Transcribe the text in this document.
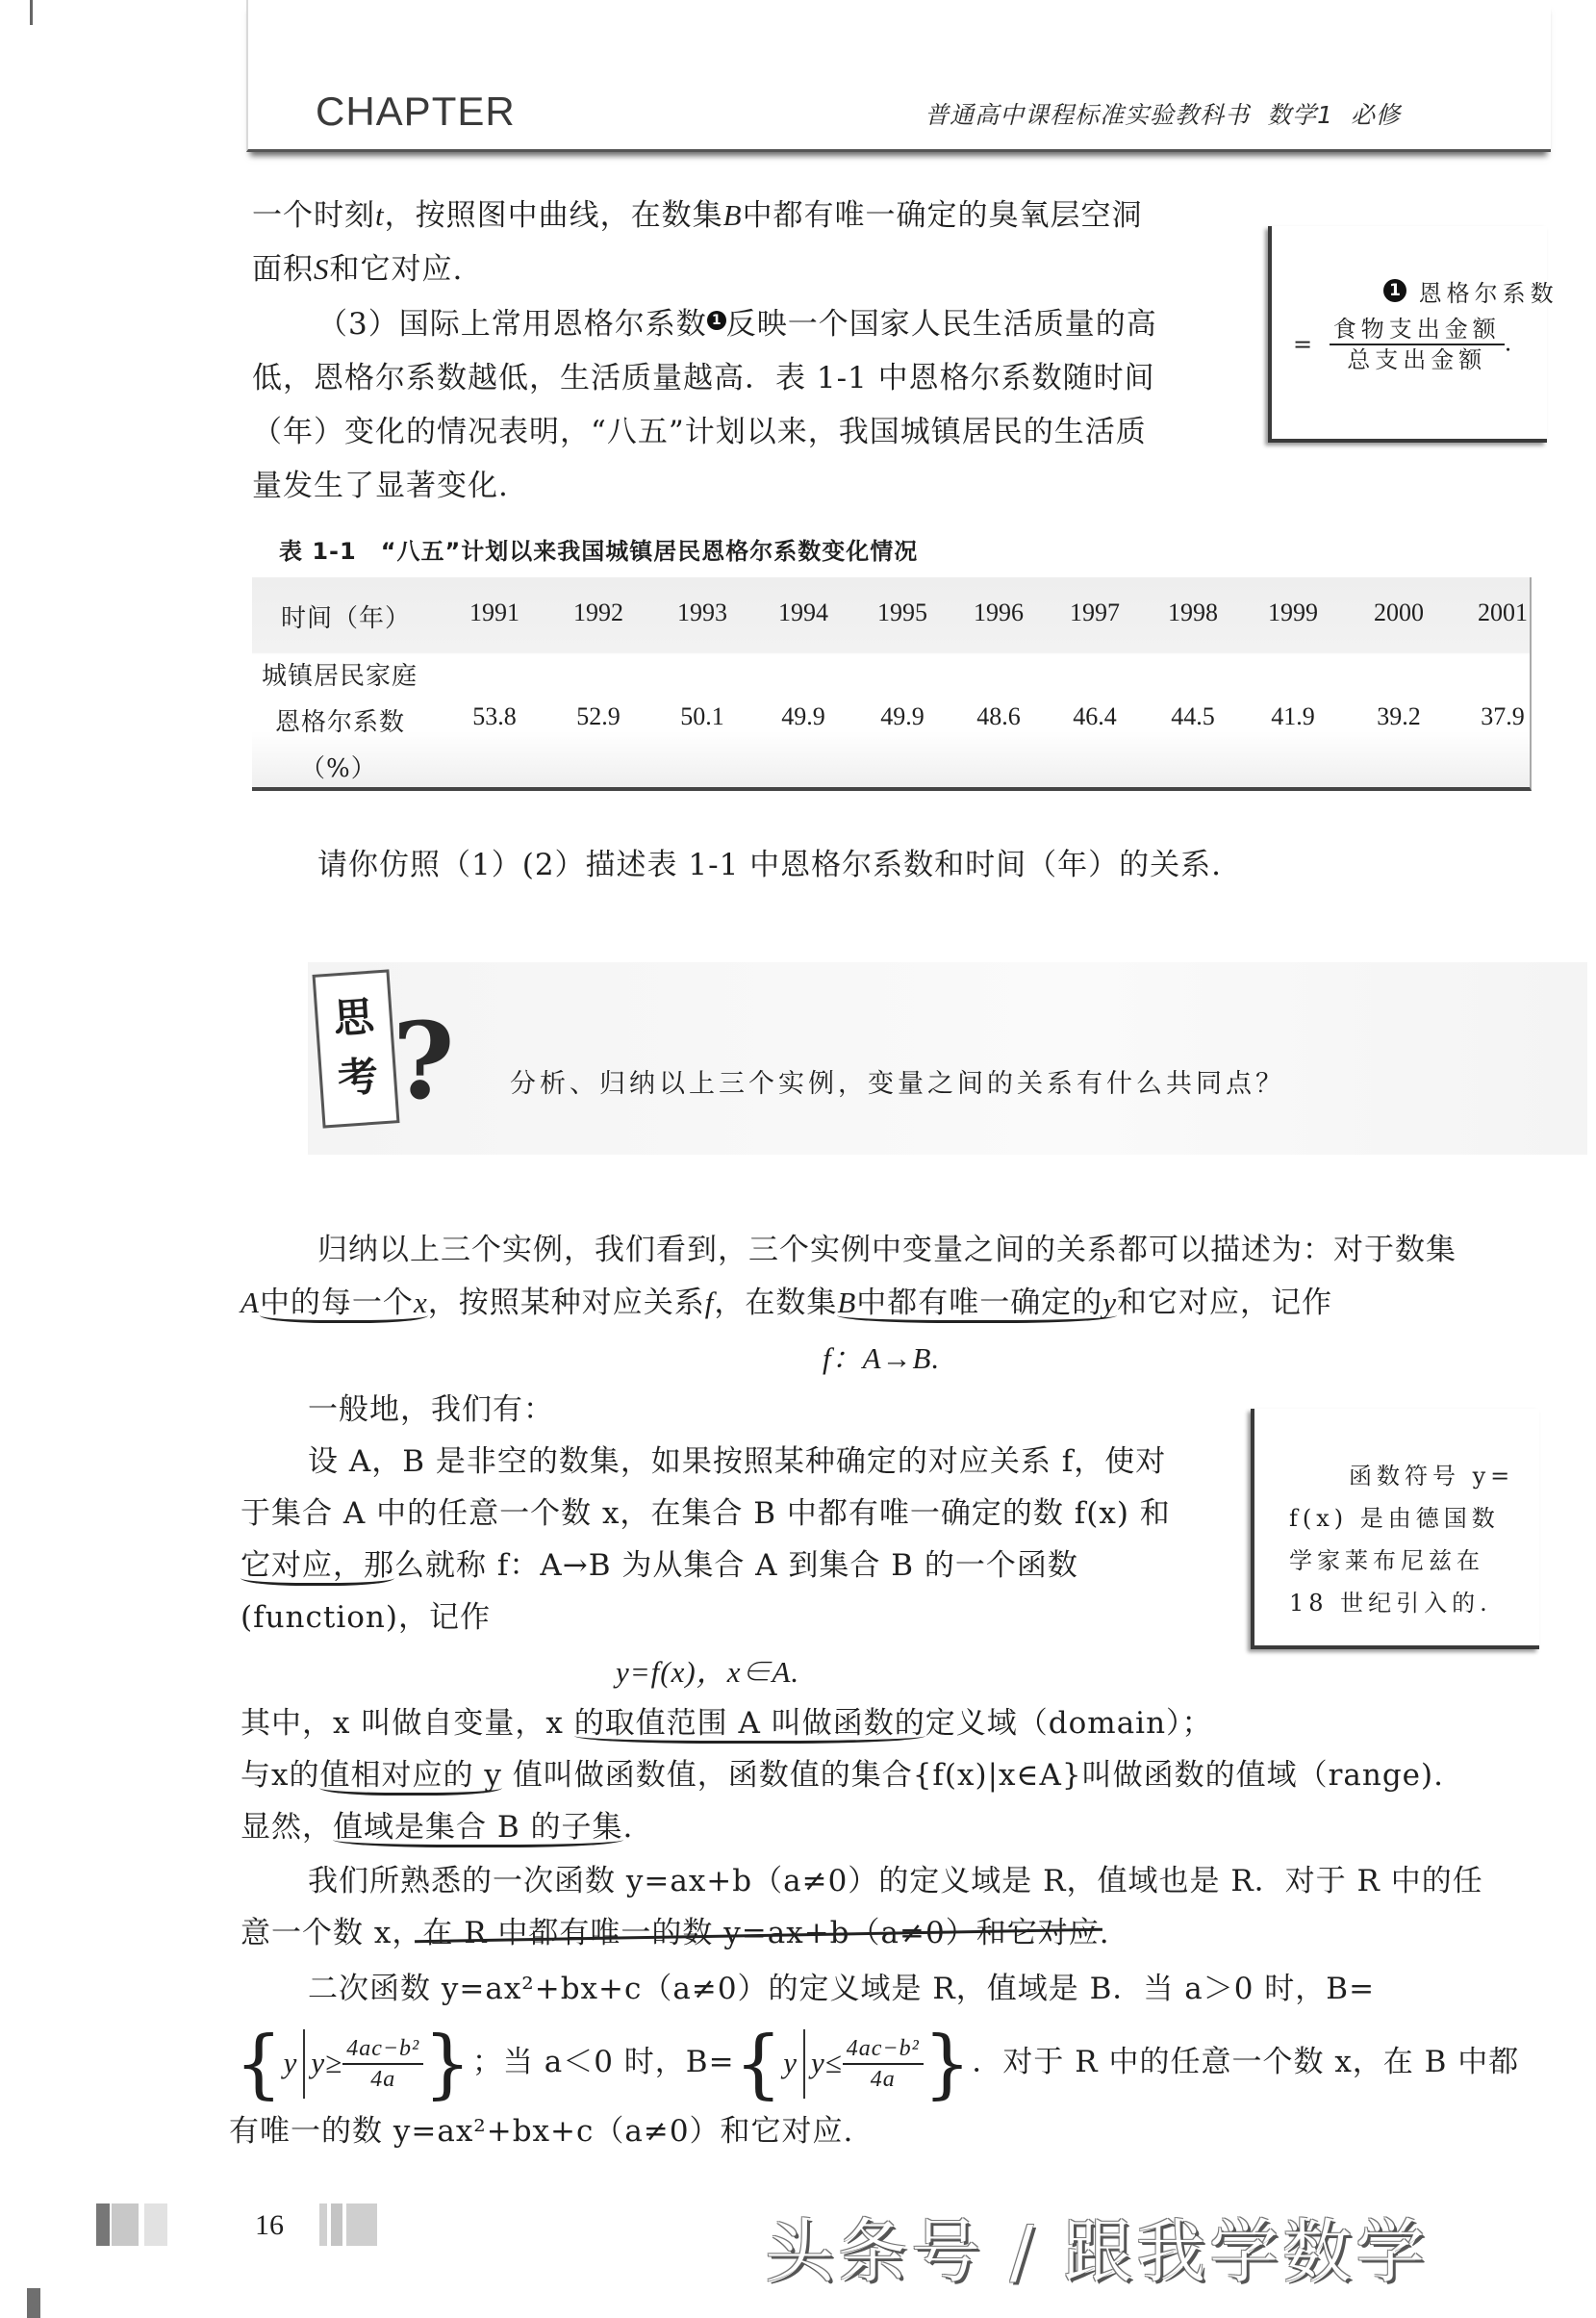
CHAPTER	普通高中课程标准实验教科书 数学1 必修
一个时刻t，按照图中曲线，在数集B中都有唯一确定的臭氧层空洞
面积S和它对应.
（3）国际上常用恩格尔系数 1 反映一个国家人民生活质量的高
低，恩格尔系数越低，生活质量越高．表 1-1 中恩格尔系数随时间
（年）变化的情况表明，“八五”计划以来，我国城镇居民的生活质
量发生了显著变化.
1 恩格尔系数
= $\frac{\text{食物支出金额}}{\text{总支出金额}}$ .
表 1-1　“八五”计划以来我国城镇居民恩格尔系数变化情况
时间（年）	1991	1992	1993	1994	1995	1996	1997	1998	1999	2000	2001
城镇居民家庭
恩格尔系数	53.8	52.9	50.1	49.9	49.9	48.6	46.4	44.5	41.9	39.2	37.9
（%）
请你仿照（1）(2）描述表 1-1 中恩格尔系数和时间（年）的关系.
思
考 ? 分析、归纳以上三个实例，变量之间的关系有什么共同点？
归纳以上三个实例，我们看到，三个实例中变量之间的关系都可以描述为：对于数集
A中的每一个x，按照某种对应关系f，在数集B中都有唯一确定的y和它对应，记作
f：A→B.
一般地，我们有：
设 A，B 是非空的数集，如果按照某种确定的对应关系 f，使对
于集合 A 中的任意一个数 x，在集合 B 中都有唯一确定的数 f(x) 和
它对应，那么就称 f：A→B 为从集合 A 到集合 B 的一个函数
(function)，记作
y=f(x)，x∈A.
函数符号 y=
f(x) 是由德国数
学家莱布尼兹在
18 世纪引入的.
其中，x 叫做自变量，x 的取值范围 A 叫做函数的定义域（domain）；
与x的值相对应的 y 值叫做函数值，函数值的集合{f(x)|x∈A}叫做函数的值域（range).
显然，值域是集合 B 的子集.
我们所熟悉的一次函数 y=ax+b（a≠0）的定义域是 R，值域也是 R．对于 R 中的任
意一个数 x，在 R 中都有唯一的数 y=ax+b（a≠0）和它对应.
二次函数 y=ax²+bx+c（a≠0）的定义域是 R，值域是 B．当 a＞0 时，B=
{y $y\ge \frac{\text{4ac−b²}}{4a}$ }；当 a＜0 时，B={y $y\le \frac{\text{4ac−b²}}{4a}$ }．对于 R 中的任意一个数 x，在 B 中都
有唯一的数 y=ax²+bx+c（a≠0）和它对应.
16	头条号 / 跟我学数学
